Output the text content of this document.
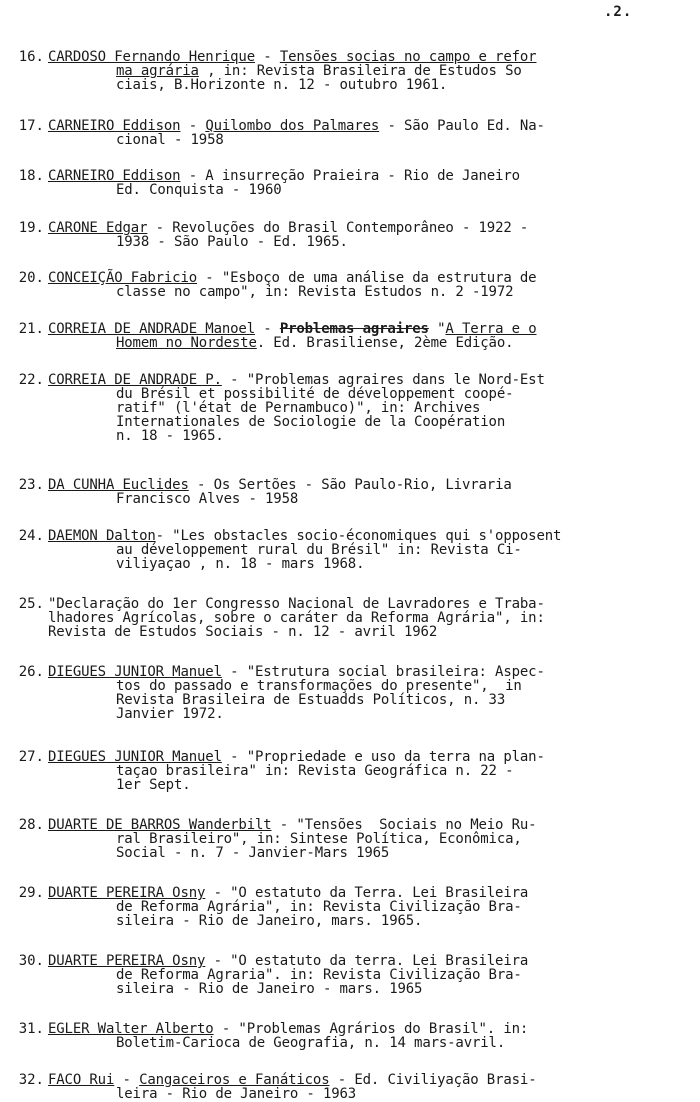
.2.
16. CARDOSO Fernando Henrique - Tensões socias no campo e refor
ma agrária , in: Revista Brasileira de Estudos So
ciais, B.Horizonte n. 12 - outubro 1961.
17. CARNEIRO Eddison - Quilombo dos Palmares - São Paulo Ed. Na-
cional - 1958
18. CARNEIRO Eddison - A insurreção Praieira - Rio de Janeiro
Ed. Conquista - 1960
19. CARONE Edgar - Revoluções do Brasil Contemporâneo - 1922 -
1938 - São Paulo - Ed. 1965.
20. CONCEIÇÃO Fabricio - "Esboço de uma análise da estrutura de
classe no campo", in: Revista Estudos n. 2 -1972
21. CORREIA DE ANDRADE Manoel - Problemas agraires "A Terra e o
Homem no Nordeste. Ed. Brasiliense, 2ème Edição.
22. CORREIA DE ANDRADE P. - "Problemas agraires dans le Nord-Est
du Brésil et possibilité de développement coopé-
ratif" (l'état de Pernambuco)", in: Archives
Internationales de Sociologie de la Coopération
n. 18 - 1965.
23. DA CUNHA Euclides - Os Sertões - São Paulo-Rio, Livraria
Francisco Alves - 1958
24. DAEMON Dalton- "Les obstacles socio-économiques qui s'opposent
au développement rural du Brésil" in: Revista Ci-
viliyaçao , n. 18 - mars 1968.
25. "Declaração do 1er Congresso Nacional de Lavradores e Traba-
lhadores Agrícolas, sobre o caráter da Reforma Agrária", in:
Revista de Estudos Sociais - n. 12 - avril 1962
26. DIEGUES JUNIOR Manuel - "Estrutura social brasileira: Aspec-
tos do passado e transformações do presente",  in
Revista Brasileira de Estuadds Políticos, n. 33
Janvier 1972.
27. DIEGUES JUNIOR Manuel - "Propriedade e uso da terra na plan-
taçao brasileira" in: Revista Geográfica n. 22 -
1er Sept.
28. DUARTE DE BARROS Wanderbilt - "Tensões  Sociais no Meio Ru-
ral Brasileiro", in: Sintese Política, Econômica,
Social - n. 7 - Janvier-Mars 1965
29. DUARTE PEREIRA Osny - "O estatuto da Terra. Lei Brasileira
de Reforma Agrária", in: Revista Civilização Bra-
sileira - Rio de Janeiro, mars. 1965.
30. DUARTE PEREIRA Osny - "O estatuto da terra. Lei Brasileira
de Reforma Agraria". in: Revista Civilização Bra-
sileira - Rio de Janeiro - mars. 1965
31. EGLER Walter Alberto - "Problemas Agrários do Brasil". in:
Boletim-Carioca de Geografia, n. 14 mars-avril.
32. FACO Rui - Cangaceiros e Fanáticos - Ed. Civiliyação Brasi-
leira - Rio de Janeiro - 1963
